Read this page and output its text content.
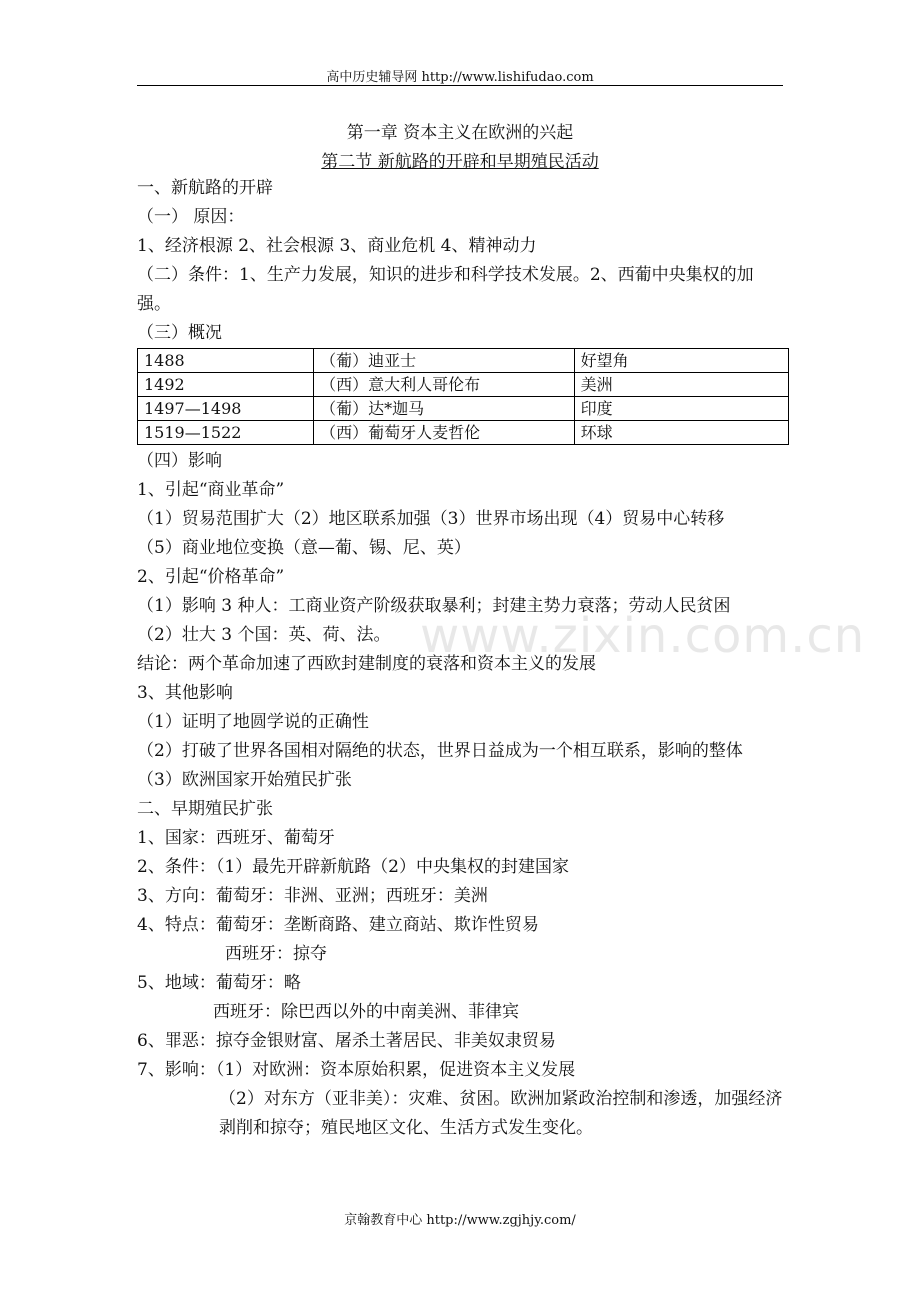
高中历史辅导网 http://www.lishifudao.com
第一章 资本主义在欧洲的兴起
第二节 新航路的开辟和早期殖民活动
一、新航路的开辟
（一） 原因：
1、经济根源 2、社会根源 3、商业危机 4、精神动力
（二）条件：1、生产力发展，知识的进步和科学技术发展。2、西葡中央集权的加强。
（三）概况
1488	（葡）迪亚士	好望角
1492	（西）意大利人哥伦布	美洲
1497—1498	（葡）达*迦马	印度
1519—1522	（西）葡萄牙人麦哲伦	环球
（四）影响
1、引起“商业革命”
（1）贸易范围扩大（2）地区联系加强（3）世界市场出现（4）贸易中心转移
（5）商业地位变换（意—葡、锡、尼、英）
2、引起“价格革命”
（1）影响 3 种人：工商业资产阶级获取暴利；封建主势力衰落；劳动人民贫困
（2）壮大 3 个国：英、荷、法。
结论：两个革命加速了西欧封建制度的衰落和资本主义的发展
3、其他影响
（1）证明了地圆学说的正确性
（2）打破了世界各国相对隔绝的状态，世界日益成为一个相互联系，影响的整体
（3）欧洲国家开始殖民扩张
二、早期殖民扩张
1、国家：西班牙、葡萄牙
2、条件：（1）最先开辟新航路（2）中央集权的封建国家
3、方向：葡萄牙：非洲、亚洲；西班牙：美洲
4、特点：葡萄牙：垄断商路、建立商站、欺诈性贸易
西班牙：掠夺
5、地域：葡萄牙：略
西班牙：除巴西以外的中南美洲、菲律宾
6、罪恶：掠夺金银财富、屠杀土著居民、非美奴隶贸易
7、影响：（1）对欧洲：资本原始积累，促进资本主义发展
（2）对东方（亚非美）：灾难、贫困。欧洲加紧政治控制和渗透，加强经济剥削和掠夺；殖民地区文化、生活方式发生变化。
www.zixin.com.cn
京翰教育中心 http://www.zgjhjy.com/
